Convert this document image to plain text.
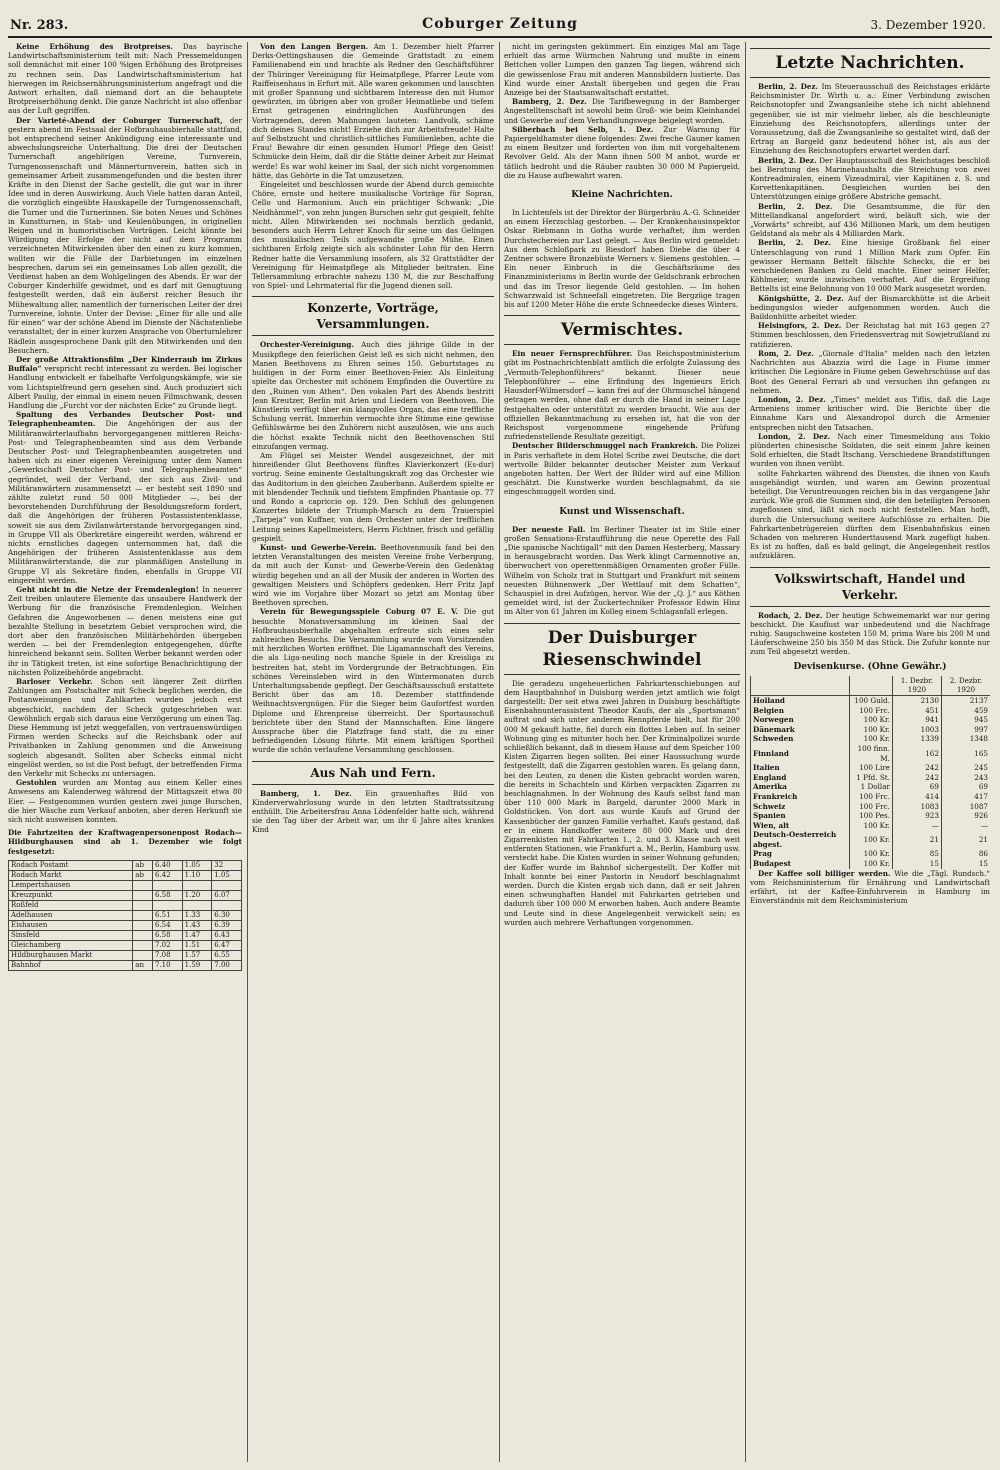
Nr. 283.	Coburger Zeitung	3. Dezember 1920.

Keine Erhöhung des Brotpreises. Das bayrische Landwirtschaftsministerium teilt mit: Nach Pressemeldungen soll demnächst mit einer 100 %igen Erhöhung des Brotpreises zu rechnen sein. Das Landwirtschaftsministerium hat hierwegen im Reichsernährungsministerium angefragt und die Antwort erhalten, daß niemand dort an die behauptete Brotpreiserhöhung denkt. Die ganze Nachricht ist also offenbar aus der Luft gegriffen.

Der Varieté-Abend der Coburger Turnerschaft, der gestern abend im Festsaal der Hofbrauhausbierhalle stattfand, bot entsprechend seiner Ankündigung eine interessante und abwechslungsreiche Unterhaltung. Die drei der Deutschen Turnerschaft angehörigen Vereine, Turnverein, Turngenossenschaft und Männerturnverein, hatten sich in gemeinsamer Arbeit zusammengefunden und die besten ihrer Kräfte in den Dienst der Sache gestellt, die gut war in ihrer Idee und in deren Auswirkung. Auch Viele hatten daran Anteil, die vorzüglich eingeübte Hauskapelle der Turngenossenschaft, die Turner und die Turnerinnen. Sie boten Neues und Schönes in Kunstturnen, in Stab- und Keulenübungen, in originellen Reigen und in humoristischen Vorträgen. Leicht könnte bei Würdigung der Erfolge der nicht auf dem Programm verzeichneten Mitwirkenden über den einen zu kurz kommen, wollten wir die Fülle der Darbietungen im einzelnen besprechen, darum sei ein gemeinsames Lob allen gezollt, die Verdienst haben an dem Wohlgelingen des Abends. Er war der Coburger Kinderhilfe gewidmet, und es darf mit Genugtuung festgestellt werden, daß ein äußerst reicher Besuch ihr Mühewaltung aller, namentlich der turnerischen Leiter der drei Turnvereine, lohnte. Unter der Devise: „Einer für alle und alle für einen“ war der schöne Abend im Dienste der Nächstenliebe veranstaltet; der in einer kurzen Ansprache von Oberturnlehrer Rädlein ausgesprochene Dank gilt den Mitwirkenden und den Besuchern.

Der große Attraktionsfilm „Der Kinderraub im Zirkus Buffalo“ verspricht recht interessant zu werden. Bei logischer Handlung entwickelt er fabelhafte Verfolgungskämpfe, wie sie vom Lichtspielfreund gern gesehen sind. Auch produziert sich Albert Paulig, der einmal in einem neuen Filmschwank, dessen Handlung die „Furcht vor der nächsten Ecke“ zu Grunde liegt.

Spaltung des Verbandes Deutscher Post- und Telegraphenbeamten. Die Angehörigen der aus der Militäranwärterlaufbahn hervorgegangenen mittleren Reichs-Post- und Telegraphenbeamten sind aus dem Verbande Deutscher Post- und Telegraphenbeamten ausgetreten und haben sich zu einer eigenen Vereinigung unter dem Namen „Gewerkschaft Deutscher Post- und Telegraphenbeamten“ gegründet, weil der Verband, der sich aus Zivil- und Militäranwärtern zusammensetzt — er besteht seit 1890 und zählte zuletzt rund 50 000 Mitglieder —, bei der bevorstehenden Durchführung der Besoldungsreform fordert, daß die Angehörigen der früheren Postassistentenklasse, soweit sie aus dem Zivilanwärterstande hervorgegangen sind, in Gruppe VII als Oberkretäre eingereiht werden, während er nichts ernstliches dagegen unternommen hat, daß die Angehörigen der früheren Assistentenklasse aus dem Militäranwärterstande, die zur planmäßigen Anstellung in Gruppe VI als Sekretäre finden, ebenfalls in Gruppe VII eingereiht werden.

Geht nicht in die Netze der Fremdenlegion! In neuerer Zeit treiben unlautere Elemente das unsaubere Handwerk der Werbung für die französische Fremdenlegion. Welchen Gefahren die Angeworbenen — denen meistens eine gut bezahlte Stellung in besetztem Gebiet versprochen wird, die dort aber den französischen Militärbehörden übergeben werden — bei der Fremdenlegion entgegengehen, dürfte hinreichend bekannt sein. Sollten Werber bekannt werden oder ihr in Tätigkeit treten, ist eine sofortige Benachrichtigung der nächsten Polizeibehörde angebracht.

Barloser Verkehr. Schon seit längerer Zeit dürften Zahlungen am Postschalter mit Scheck beglichen werden, die Postanweisungen und Zahlkarten wurden jedoch erst abgeschickt, nachdem der Scheck gutgeschrieben war. Gewöhnlich ergab sich daraus eine Verzögerung um einen Tag. Diese Hemmung ist jetzt weggefallen, von vertrauenswürdigen Firmen werden Schecks auf die Reichsbank oder auf Privatbanken in Zahlung genommen und die Anweisung sogleich abgesandt. Sollten aber Schecks einmal nicht eingelöst werden, so ist die Post befugt, der betreffenden Firma den Verkehr mit Schecks zu untersagen.

Gestohlen wurden am Montag aus einem Keller eines Anwesens am Kalenderweg während der Mittagszeit etwa 80 Eier. — Festgenommen wurden gestern zwei junge Burschen, die hier Wäsche zum Verkauf anboten, aber deren Herkunft sie sich nicht ausweisen konnten.

Die Fahrtzeiten der Kraftwagenpersonenpost Rodach—Hildburghausen sind ab 1. Dezember wie folgt festgesetzt:
Rodach Postamt	ab	6.40	1.05	32
Rodach Markt	ab	6.42	1.10	1.05
Lempertshausen				
Kreuzpunkt		6.58	1.20	6.07
Roßfeld				
Adelhausen		6.51	1.33	6.30
Eishausen		6.54	1.43	6.39
Sinsfeld		6.58	1.47	6.43
Gleichamberg		7.02	1.51	6.47
Hildburghausen Markt		7.08	1.57	6.55
Bahnhof	an	7.10	1.59	7.00

Von den Langen Bergen. Am 1. Dezember hielt Pfarrer Derks-Oettingshausen die Gemeinde Grattstadt zu einem Familienabend ein und brachte als Redner den Geschäftsführer der Thüringer Vereinigung für Heimatpflege, Pfarrer Leute vom Raiffeisenhaus in Erfurt mit. Alle waren gekommen und lauschten mit großer Spannung und sichtbarem Interesse den mit Humor gewürzten, im übrigen aber von großer Heimatliebe und tiefem Ernst getragenen eindringlichen Ausführungen des Vortragenden, deren Mahnungen lauteten: Landvolk, schäme dich deines Standes nicht! Erziehe dich zur Arbeitsfreude! Halte auf Selbstzucht und christlich-sittliches Familienleben, achte die Frau! Bewahre dir einen gesunden Humor! Pflege den Geist! Schmücke dein Heim, daß dir die Stätte deiner Arbeit zur Heimat werde! Es war wohl keiner im Saal, der sich nicht vorgenommen hätte, das Gehörte in die Tat umzusetzen.

Eingeleitet und beschlossen wurde der Abend durch gemischte Chöre, ernste und heitere musikalische Vorträge für Sopran, Cello und Harmonium. Auch ein prächtiger Schwank: „Die Neidhämmel“, von zehn jungen Burschen sehr gut gespielt, fehlte nicht. Allen Mitwirkenden sei nochmals herzlich gedankt, besonders auch Herrn Lehrer Knoch für seine um das Gelingen des musikalischen Teils aufgewandte große Mühe. Einen sichtbaren Erfolg zeigte sich als schönster Lohn für den Herrn Redner hatte die Versammlung insofern, als 32 Grattstädter der Vereinigung für Heimatpflege als Mitglieder beitraten. Eine Tellersammlung erbrachte nahezu 130 M, die zur Beschaffung von Spiel- und Lehrmaterial für die Jugend dienen soll.

Konzerte, Vorträge, Versammlungen.

Orchester-Vereinigung. Auch dies jährige Gilde in der Musikpflege den feierlichen Geist leß es sich nicht nehmen, den Manen Beethovens zu Ehren seines 150. Geburtstages zu huldigen in der Form einer Beethoven-Feier. Als Einleitung spielte das Orchester mit schönem Empfinden die Ouvertüre zu den „Ruinen von Athen“. Den vokalen Part des Abends bestritt Jean Kreutzer, Berlin mit Arien und Liedern von Beethoven. Die Künstlerin verfügt über ein klangvolles Organ, das eine treffliche Schulung verrät. Immerhin vermochte ihre Stimme eine gewisse Gefühlswärme bei den Zuhörern nicht auszulösen, wie uns auch die höchst exakte Technik nicht den Beethovenschen Stil einzufangen vermag.

Am Flügel sei Meister Wendel ausgezeichnet, der mit hinreißender Glut Beethovens fünftes Klavierkonzert (Es-dur) vortrug. Seine eminente Gestaltungskraft zog das Orchester wie das Auditorium in den gleichen Zauberbann. Außerdem spielte er mit blendender Technik und tiefstem Empfinden Phantasie op. 77 und Rondo a capriccio op. 129. Den Schluß des gelungenen Konzertes bildete der Triumph-Marsch zu dem Trauerspiel „Tarpeja“ von Kuffner, von dem Orchester unter der trefflichen Leitung seines Kapellmeisters, Herrn Fichtner, frisch und gefällig gespielt.

Kunst- und Gewerbe-Verein. Beethovenmusik fand bei den letzten Veranstaltungen des meisten Vereine frohe Verbergung, da mit auch der Kunst- und Gewerbe-Verein den Gedenktag würdig begehen und an all der Musik der anderen in Worten des gewaltigen Meisters und Schöpfers gedenken. Herr Fritz Japf wird wie im Vorjahre über Mozart so jetzt am Montag über Beethoven sprechen.

Verein für Bewegungsspiele Coburg 07 E. V. Die gut besuchte Monatsversammlung im kleinen Saal der Hofbrauhausbierhalle abgehalten erfreute sich eines sehr zahlreichen Besuchs. Die Versammlung wurde vom Vorsitzenden mit herzlichen Worten eröffnet. Die Ligamannschaft des Vereins, die als Liga-neuling noch manche Spiele in der Kreisliga zu bestreiten hat, steht im Vordergrunde der Betrachtungen. Ein schönes Vereinsleben wird in den Wintermonaten durch Unterhaltungsabende gepflegt. Der Geschäftsausschuß erstattete Bericht über das am 18. Dezember stattfindende Weihnachtsvergnügen. Für die Sieger beim Gaufortfest wurden Diplome und Ehrenpreise überreicht. Der Sportausschuß berichtete über den Stand der Mannschaften. Eine längere Aussprache über die Platzfrage fand statt, die zu einer befriedigenden Lösung führte. Mit einem kräftigen Sportheil wurde die schön verlaufene Versammlung geschlossen.

Aus Nah und Fern.

Bamberg, 1. Dez. Ein grauenhaftes Bild von Kinderverwahrlosung wurde in den letzten Stadtratssitzung enthüllt. Die Arbeitersfrau Anna Lödenfelder hatte sich, während sie den Tag über der Arbeit war, um ihr 6 Jahre altes krankes Kind

nicht im geringsten gekümmert. Ein einziges Mal am Tage erhielt das arme Würmchen Nahrung und mußte in einem Bettchen voller Lumpen den ganzen Tag liegen, während sich die gewissenlose Frau mit anderen Mannsbildern lustierte. Das Kind wurde einer Anstalt übergeben und gegen die Frau Anzeige bei der Staatsanwaltschaft erstattet.

Bamberg, 2. Dez. Die Tarifbewegung in der Bamberger Angestelltenschaft ist sowohl beim Groß- wie beim Kleinhandel und Gewerbe auf dem Verhandlungswege beigelegt worden.

Silberbach bei Selb, 1. Dez. Zur Warnung für Papiergeldhamster diene folgendes: Zwei freche Gauner kamen zu einem Besitzer und forderten von ihm mit vorgehaltenem Revolver Geld. Als der Mann ihnen 500 M anbot, wurde er tätlich bedroht und die Räuber raubten 30 000 M Papiergeld, die zu Hause aufbewahrt waren.

Kleine Nachrichten.

In Lichtenfels ist der Direktor der Bürgerbräu A.-G. Schneider an einem Herzschlag gestorben. — Der Krankenhausinspektor Oskar Riebmann in Gotha wurde verhaftet; ihm werden Durchstechereien zur Last gelegt. — Aus Berlin wird gemeldet: Aus dem Schloßpark zu Biesdorf haben Diebe die über 4 Zentner schwere Bronzebüste Werners v. Siemens gestohlen. — Ein neuer Einbruch in die Geschäftsräume des Finanzministeriums in Berlin wurde der Geldschrank erbrochen und das im Tresor liegende Geld gestohlen. — Im hohen Schwarzwald ist Schneefall eingetreten. Die Bergzüge tragen bis auf 1200 Meter Höhe die erste Schneedecke dieses Winters.

Vermischtes.

Ein neuer Fernsprechführer. Das Reichspostministerium gibt im Postnachrichtenblatt amtlich die erfolgte Zulassung des „Vermuth-Telephonführers“ bekannt. Dieser neue Telephonführer — eine Erfindung des Ingenieurs Erich Hausdorf-Wilmersdorf — kann frei auf der Ohrmuschel hängend getragen werden, ohne daß er durch die Hand in seiner Lage festgehalten oder unterstützt zu werden braucht. Wie aus der offiziellen Bekanntmachung zu ersehen ist, hat die von der Reichspost vorgenommene eingehende Prüfung zufriedenstellende Resultate gezeitigt.

Deutscher Bilderschmuggel nach Frankreich. Die Polizei in Paris verhaftete in dem Hotel Scribe zwei Deutsche, die dort wertvolle Bilder bekannter deutscher Meister zum Verkauf angeboten hatten. Der Wert der Bilder wird auf eine Million geschätzt. Die Kunstwerke wurden beschlagnahmt, da sie eingeschmuggelt worden sind.

Kunst und Wissenschaft.

Der neueste Fall. Im Berliner Theater ist im Stile einer großen Sensations-Erstaufführung die neue Operette des Fall „Die spanische Nachtigall“ mit den Damen Hesterberg, Massary in herausgebracht worden. Das Werk klingt Carmennotive an, überwuchert von operettenmäßigen Ornamenten großer Fülle. Wilhelm von Scholz trat in Stuttgart und Frankfurt mit seinem neuesten Bühnenwerk „Der Wettlauf mit dem Schatten“, Schauspiel in drei Aufzügen, hervor. Wie der „Q. J.“ aus Köthen gemeldet wird, ist der Zuckertechniker Professor Edwin Hinz im Alter von 61 Jahren im Kolleg einem Schlaganfall erlegen.

Der Duisburger Riesenschwindel

Die geradezu ungeheuerlichen Fahrkartenschiebungen auf dem Hauptbahnhof in Duisburg werden jetzt amtlich wie folgt dargestellt: Der seit etwa zwei Jahren in Duisburg beschäftigte Eisenbahnunterassistent Theodor Kaufs, der als „Sportsmann“ auftrat und sich unter anderem Rennpferde hielt, hat für 200 000 M gekauft hatte, fiel durch ein flottes Leben auf. In seiner Wohnung ging es mitunter hoch her. Der Kriminalpolizei wurde schließlich bekannt, daß in diesem Hause auf dem Speicher 100 Kisten Zigarren liegen sollten. Bei einer Haussuchung wurde festgestellt, daß die Zigarren gestohlen waren. Es gelang dann, bei den Leuten, zu denen die Kisten gebracht worden waren, die bereits in Schachteln und Körben verpackten Zigarren zu beschlagnahmen. In der Wohnung des Kaufs selbst fand man über 110 000 Mark in Bargeld, darunter 2000 Mark in Goldstücken. Von dort aus wurde Kaufs auf Grund der Kassenbücher der ganzen Familie verhaftet. Kaufs gestand, daß er in einem Handkoffer weitere 80 000 Mark und drei Zigarrenkisten mit Fahrkarten 1., 2. und 3. Klasse nach weit entfernten Stationen, wie Frankfurt a. M., Berlin, Hamburg usw. versteckt habe. Die Kisten wurden in seiner Wohnung gefunden; der Koffer wurde im Bahnhof sichergestellt. Der Koffer mit Inhalt konnte bei einer Pastorin in Neudorf beschlagnahmt werden. Durch die Kisten ergab sich dann, daß er seit Jahren einen schwunghaften Handel mit Fahrkarten getrieben und dadurch über 100 000 M erworben haben. Auch andere Beamte und Leute sind in diese Angelegenheit verwickelt sein; es wurden auch mehrere Verhaftungen vorgenommen.

Letzte Nachrichten.

Berlin, 2. Dez. Im Steuerausschuß des Reichstages erklärte Reichsminister Dr. Wirth u. a.: Einer Verbindung zwischen Reichsnotopfer und Zwangsanleihe stehe ich nicht ablehnend gegenüber, sie ist mir vielmehr lieber, als die beschleunigte Einziehung des Reichsnotopfers, allerdings unter der Voraussetzung, daß die Zwangsanleihe so gestaltet wird, daß der Ertrag an Bargeld ganz bedeutend höher ist, als aus der Einziehung des Reichsnotopfers erwartet werden darf.

Berlin, 2. Dez. Der Hauptausschuß des Reichstages beschloß bei Beratung des Marinehaushalts die Streichung von zwei Kontreadmiralen, einem Vizeadmiral, vier Kapitänen z. S. und Korvettenkapitänen. Desgleichen wurden bei den Unterstützungen einige größere Abstriche gemacht.

Berlin, 2. Dez. Die Gesamtsumme, die für den Mittellandkanal angefordert wird, beläuft sich, wie der „Vorwärts“ schreibt, auf 436 Millionen Mark, um dem heutigen Geldstand als mehr als 4 Milliarden Mark.

Berlin, 2. Dez. Eine hiesige Großbank fiel einer Unterschlagung von rund 1 Million Mark zum Opfer. Ein gewisser Hermann Bettelt fälschte Schecks, die er bei verschiedenen Banken zu Geld machte. Einer seiner Helfer, Köhlmeier, wurde inzwischen verhaftet. Auf die Ergreifung Bettelts ist eine Belohnung von 10 000 Mark ausgesetzt worden.

Königshütte, 2. Dez. Auf der Bismarckhütte ist die Arbeit bedingungslos wieder aufgenommen worden. Auch die Baildonhütte arbeitet wieder.

Helsingfors, 2. Dez. Der Reichstag hat mit 163 gegen 27 Stimmen beschlossen, den Friedensvertrag mit Sowjetrußland zu ratifizieren.

Rom, 2. Dez. „Giornale d'Italia“ melden nach den letzten Nachrichten aus Abazzia wird die Lage in Fiume immer kritischer. Die Legionäre in Fiume geben Gewehrschüsse auf das Boot des General Ferrari ab und versuchen ihn gefangen zu nehmen.

London, 2. Dez. „Times“ meldet aus Tiflis, daß die Lage Armeniens immer kritischer wird. Die Berichte über die Einnahme Kars und Alexandropol durch die Armenier entsprechen nicht den Tatsachen.

London, 2. Dez. Nach einer Timesmeldung aus Tokio plünderten chinesische Soldaten, die seit einem Jahre keinen Sold erhielten, die Stadt Itschang. Verschiedene Brandstiftungen wurden von ihnen verübt.

sollte Fahrkarten während des Dienstes, die ihnen von Kaufs ausgehändigt wurden, und waren am Gewinn prozentual beteiligt. Die Veruntreuungen reichen bis in das vergangene Jahr zurück. Wie groß die Summen sind, die den beteiligten Personen zugeflossen sind, läßt sich noch nicht feststellen. Man hofft, durch die Untersuchung weitere Aufschlüsse zu erhalten. Die Fahrkartenbetrügereien dürften dem Eisenbahnfiskus einen Schaden von mehreren Hunderttausend Mark zugefügt haben. Es ist zu hoffen, daß es bald gelingt, die Angelegenheit restlos aufzuklären.

Volkswirtschaft, Handel und Verkehr.

Rodach, 2. Dez. Der heutige Schweinemarkt war nur gering beschickt. Die Kauflust war unbedeutend und die Nachfrage ruhig. Saugschweine kosteten 150 M, prima Ware bis 200 M und Läuferschweine 250 bis 350 M das Stück. Die Zufuhr konnte nur zum Teil abgesetzt werden.

Devisenkurse. (Ohne Gewähr.)
		1. Dezbr. 1920	2. Dezbr. 1920
Holland	100 Guld.	2130	2137
Belgien	100 Frc.	451	459
Norwegen	100 Kr.	941	945
Dänemark	100 Kr.	1003	997
Schweden	100 Kr.	1339	1348
Finnland	100 finn. M.	162	165
Italien	100 Lire	242	245
England	1 Pfd. St.	242	243
Amerika	1 Dollar	69	69
Frankreich	100 Frc.	414	417
Schweiz	100 Frc.	1083	1087
Spanien	100 Pes.	923	926
Wien, alt	100 Kr.	—	—
Deutsch-Oesterreich abgest.	100 Kr.	21	21
Prag	100 Kr.	85	86
Budapest	100 Kr.	15	15

Der Kaffee soll billiger werden. Wie die „Tägl. Rundsch.“ vom Reichsministerium für Ernährung und Landwirtschaft erfährt, ist der Kaffee-Einfuhrverein in Hamburg im Einverständnis mit dem Reichsministerium
